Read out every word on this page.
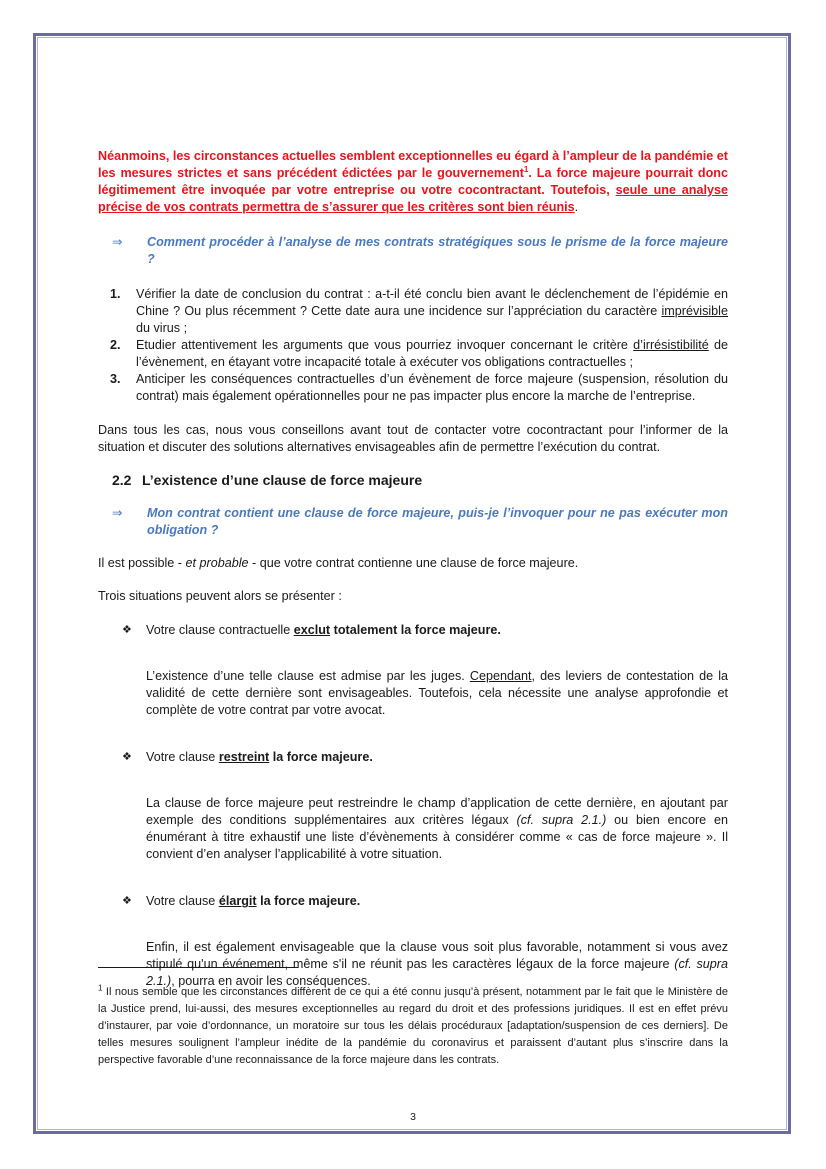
Néanmoins, les circonstances actuelles semblent exceptionnelles eu égard à l’ampleur de la pandémie et les mesures strictes et sans précédent édictées par le gouvernement$^1$. La force majeure pourrait donc légitimement être invoquée par votre entreprise ou votre cocontractant. Toutefois, seule une analyse précise de vos contrats permettra de s’assurer que les critères sont bien réunis.

⇒	Comment procéder à l’analyse de mes contrats stratégiques sous le prisme de la force majeure ?
1.	Vérifier la date de conclusion du contrat : a-t-il été conclu bien avant le déclenchement de l’épidémie en Chine ? Ou plus récemment ? Cette date aura une incidence sur l’appréciation du caractère imprévisible du virus ;
2.	Etudier attentivement les arguments que vous pourriez invoquer concernant le critère d’irrésistibilité de l’évènement, en étayant votre incapacité totale à exécuter vos obligations contractuelles ;
3.	Anticiper les conséquences contractuelles d’un évènement de force majeure (suspension, résolution du contrat) mais également opérationnelles pour ne pas impacter plus encore la marche de l’entreprise.

Dans tous les cas, nous vous conseillons avant tout de contacter votre cocontractant pour l’informer de la situation et discuter des solutions alternatives envisageables afin de permettre l’exécution du contrat.

2.2 L’existence d’une clause de force majeure
⇒	Mon contrat contient une clause de force majeure, puis-je l’invoquer pour ne pas exécuter mon obligation ?

Il est possible - et probable - que votre contrat contienne une clause de force majeure.

Trois situations peuvent alors se présenter :

❖	Votre clause contractuelle exclut totalement la force majeure.

L’existence d’une telle clause est admise par les juges. Cependant, des leviers de contestation de la validité de cette dernière sont envisageables. Toutefois, cela nécessite une analyse approfondie et complète de votre contrat par votre avocat.

❖	Votre clause restreint la force majeure.

La clause de force majeure peut restreindre le champ d’application de cette dernière, en ajoutant par exemple des conditions supplémentaires aux critères légaux (cf. supra 2.1.) ou bien encore en énumérant à titre exhaustif une liste d’évènements à considérer comme « cas de force majeure ». Il convient d’en analyser l’applicabilité à votre situation.

❖	Votre clause élargit la force majeure.

Enfin, il est également envisageable que la clause vous soit plus favorable, notamment si vous avez stipulé qu'un événement, même s'il ne réunit pas les caractères légaux de la force majeure (cf. supra 2.1.), pourra en avoir les conséquences.

$^1$ Il nous semble que les circonstances diffèrent de ce qui a été connu jusqu’à présent, notamment par le fait que le Ministère de la Justice prend, lui-aussi, des mesures exceptionnelles au regard du droit et des professions juridiques. Il est en effet prévu d’instaurer, par voie d’ordonnance, un moratoire sur tous les délais procéduraux [adaptation/suspension de ces derniers]. De telles mesures soulignent l’ampleur inédite de la pandémie du coronavirus et paraissent d’autant plus s’inscrire dans la perspective favorable d’une reconnaissance de la force majeure dans les contrats.

3
